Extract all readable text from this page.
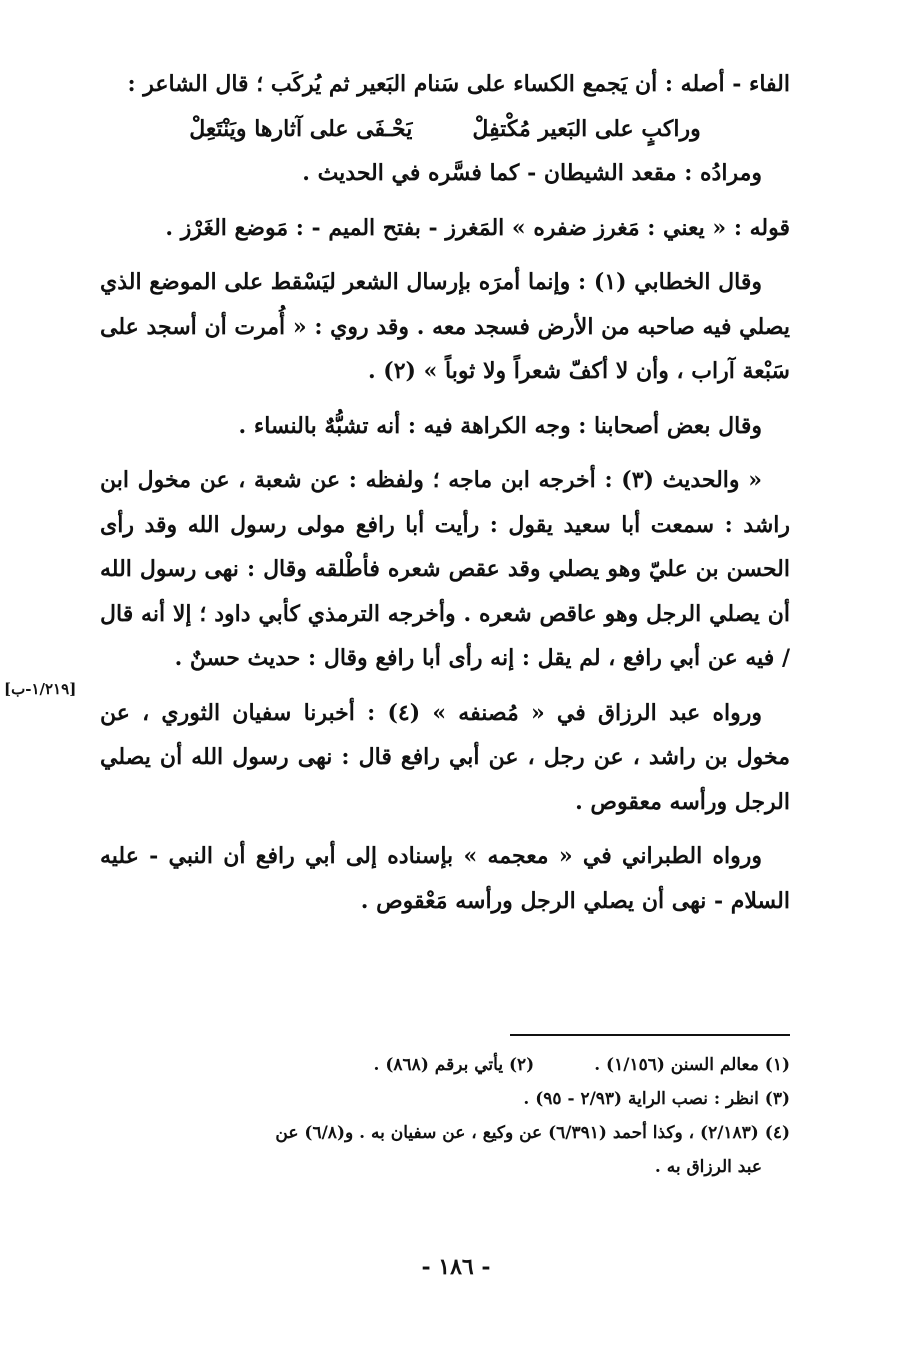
الفاء - أصله : أن يَجمع الكساء على سَنام البَعير ثم يُركَب ؛ قال الشاعر :

وراكبٍ على البَعير مُكْتفِلْ
يَحْـفَى على آثارها ويَنْتَعِلْ

ومرادُه : مقعد الشيطان - كما فسَّره في الحديث .

قوله : « يعني : مَغرز ضفره » المَغرز - بفتح الميم - : مَوضع الغَرْز .

وقال الخطابي (١) : وإنما أمرَه بإرسال الشعر ليَسْقط على الموضع الذي يصلي فيه صاحبه من الأرض فسجد معه . وقد روي : « أُمرت أن أسجد على سَبْعة آراب ، وأن لا أكفّ شعراً ولا ثوباً » (٢) .

وقال بعض أصحابنا : وجه الكراهة فيه : أنه تشبُّهٌ بالنساء .

« والحديث (٣) : أخرجه ابن ماجه ؛ ولفظه : عن شعبة ، عن مخول ابن راشد : سمعت أبا سعيد يقول : رأيت أبا رافع مولى رسول الله وقد رأى الحسن بن عليّ وهو يصلي وقد عقص شعره فأطْلقه وقال : نهى رسول الله أن يصلي الرجل وهو عاقص شعره . وأخرجه الترمذي كأبي داود ؛ إلا أنه قال / فيه عن أبي رافع ، لم يقل : إنه رأى أبا رافع وقال : حديث حسنٌ .

ورواه عبد الرزاق في « مُصنفه » (٤) : أخبرنا سفيان الثوري ، عن مخول بن راشد ، عن رجل ، عن أبي رافع قال : نهى رسول الله أن يصلي الرجل ورأسه معقوص .

ورواه الطبراني في « معجمه » بإسناده إلى أبي رافع أن النبي - عليه السلام - نهى أن يصلي الرجل ورأسه مَعْقوص .

[١/٢١٩-ب]
(١) معالم السنن (١/١٥٦) .
(٢) يأتي برقم (٨٦٨) .

(٣) انظر : نصب الراية (٢/٩٣ - ٩٥) .

(٤) (٢/١٨٣) ، وكذا أحمد (٦/٣٩١) عن وكيع ، عن سفيان به . و(٦/٨) عن

عبد الرزاق به .

- ١٨٦ -
